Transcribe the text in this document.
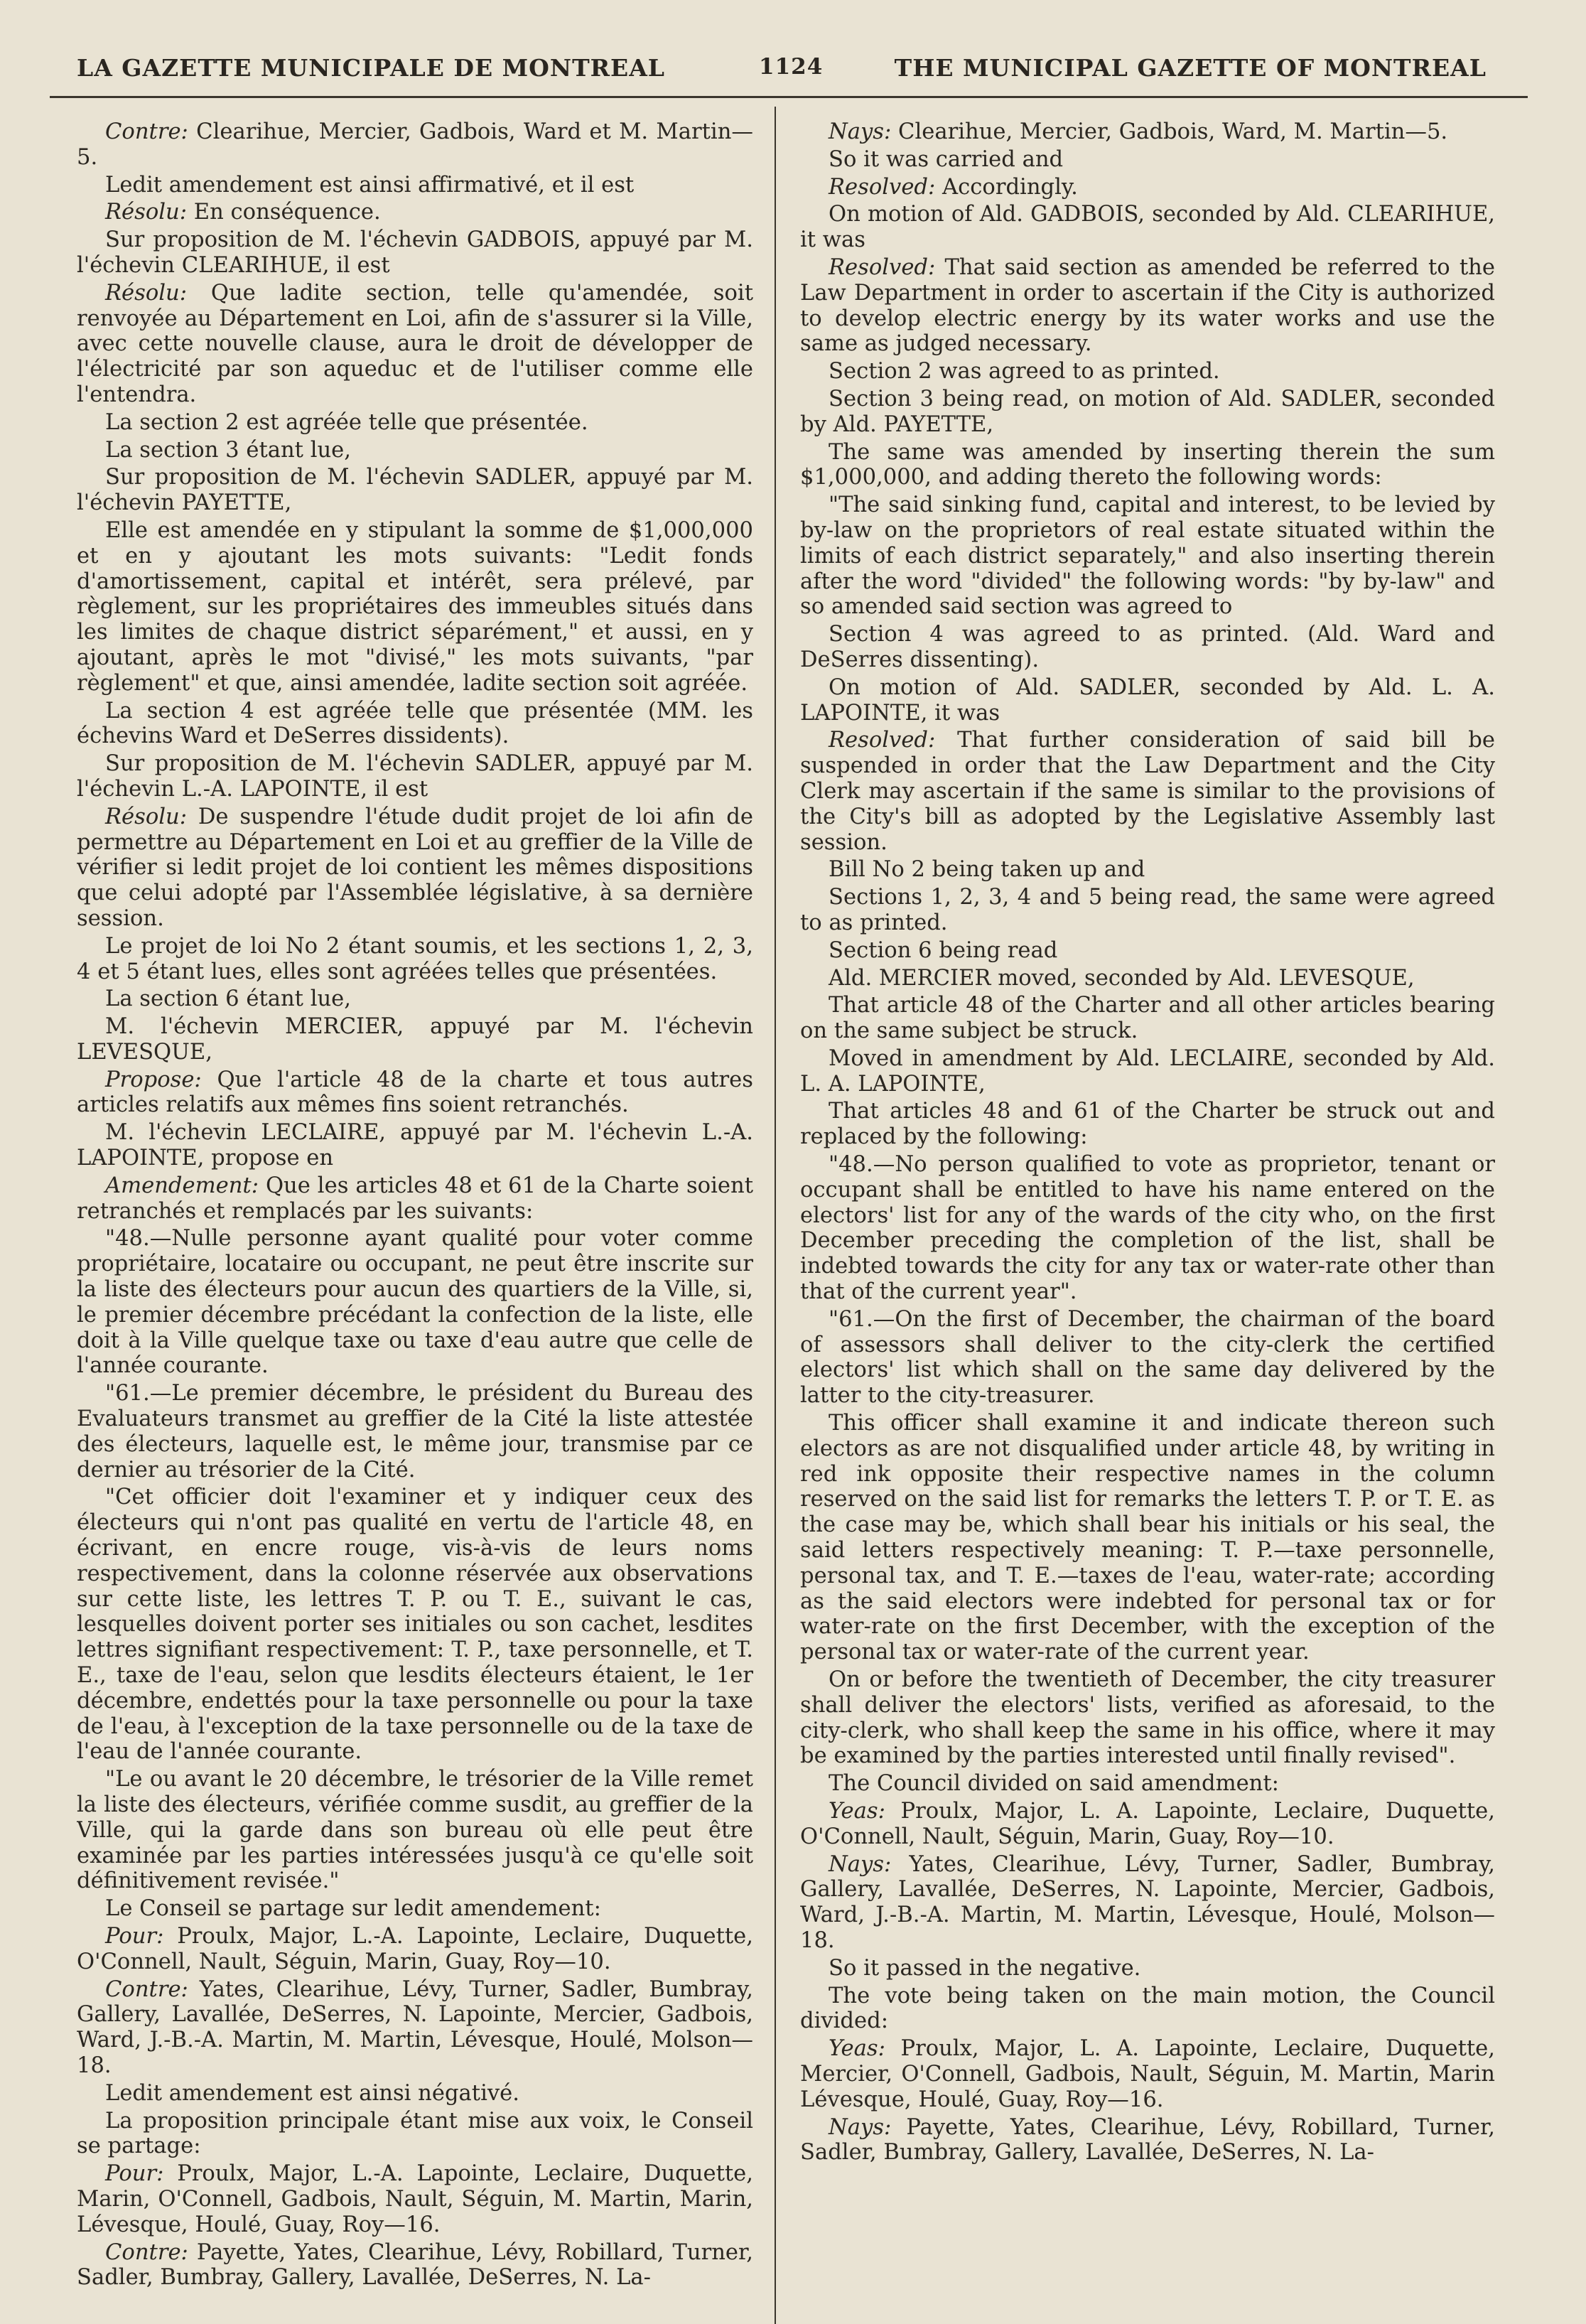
LA GAZETTE MUNICIPALE DE MONTREAL	1124	THE MUNICIPAL GAZETTE OF MONTREAL

Contre: Clearihue, Mercier, Gadbois, Ward et M. Martin—5.

Ledit amendement est ainsi affirmativé, et il est

Résolu: En conséquence.

Sur proposition de M. l'échevin GADBOIS, appuyé par M. l'échevin CLEARIHUE, il est

Résolu: Que ladite section, telle qu'amendée, soit renvoyée au Département en Loi, afin de s'assurer si la Ville, avec cette nouvelle clause, aura le droit de développer de l'électricité par son aqueduc et de l'utiliser comme elle l'entendra.

La section 2 est agréée telle que présentée.

La section 3 étant lue,

Sur proposition de M. l'échevin SADLER, appuyé par M. l'échevin PAYETTE,

Elle est amendée en y stipulant la somme de $1,000,000 et en y ajoutant les mots suivants: "Ledit fonds d'amortissement, capital et intérêt, sera prélevé, par règlement, sur les propriétaires des immeubles situés dans les limites de chaque district séparément," et aussi, en y ajoutant, après le mot "divisé," les mots suivants, "par règlement" et que, ainsi amendée, ladite section soit agréée.

La section 4 est agréée telle que présentée (MM. les échevins Ward et DeSerres dissidents).

Sur proposition de M. l'échevin SADLER, appuyé par M. l'échevin L.-A. LAPOINTE, il est

Résolu: De suspendre l'étude dudit projet de loi afin de permettre au Département en Loi et au greffier de la Ville de vérifier si ledit projet de loi contient les mêmes dispositions que celui adopté par l'Assemblée législative, à sa dernière session.

Le projet de loi No 2 étant soumis, et les sections 1, 2, 3, 4 et 5 étant lues, elles sont agréées telles que présentées.

La section 6 étant lue,

M. l'échevin MERCIER, appuyé par M. l'échevin LEVESQUE,

Propose: Que l'article 48 de la charte et tous autres articles relatifs aux mêmes fins soient retranchés.

M. l'échevin LECLAIRE, appuyé par M. l'échevin L.-A. LAPOINTE, propose en

Amendement: Que les articles 48 et 61 de la Charte soient retranchés et remplacés par les suivants:

"48.—Nulle personne ayant qualité pour voter comme propriétaire, locataire ou occupant, ne peut être inscrite sur la liste des électeurs pour aucun des quartiers de la Ville, si, le premier décembre précédant la confection de la liste, elle doit à la Ville quelque taxe ou taxe d'eau autre que celle de l'année courante.

"61.—Le premier décembre, le président du Bureau des Evaluateurs transmet au greffier de la Cité la liste attestée des électeurs, laquelle est, le même jour, transmise par ce dernier au trésorier de la Cité.

"Cet officier doit l'examiner et y indiquer ceux des électeurs qui n'ont pas qualité en vertu de l'article 48, en écrivant, en encre rouge, vis-à-vis de leurs noms respectivement, dans la colonne réservée aux observations sur cette liste, les lettres T. P. ou T. E., suivant le cas, lesquelles doivent porter ses initiales ou son cachet, lesdites lettres signifiant respectivement: T. P., taxe personnelle, et T. E., taxe de l'eau, selon que lesdits électeurs étaient, le 1er décembre, endettés pour la taxe personnelle ou pour la taxe de l'eau, à l'exception de la taxe personnelle ou de la taxe de l'eau de l'année courante.

"Le ou avant le 20 décembre, le trésorier de la Ville remet la liste des électeurs, vérifiée comme susdit, au greffier de la Ville, qui la garde dans son bureau où elle peut être examinée par les parties intéressées jusqu'à ce qu'elle soit définitivement revisée."

Le Conseil se partage sur ledit amendement:

Pour: Proulx, Major, L.-A. Lapointe, Leclaire, Duquette, O'Connell, Nault, Séguin, Marin, Guay, Roy—10.

Contre: Yates, Clearihue, Lévy, Turner, Sadler, Bumbray, Gallery, Lavallée, DeSerres, N. Lapointe, Mercier, Gadbois, Ward, J.-B.-A. Martin, M. Martin, Lévesque, Houlé, Molson—18.

Ledit amendement est ainsi négativé.

La proposition principale étant mise aux voix, le Conseil se partage:

Pour: Proulx, Major, L.-A. Lapointe, Leclaire, Duquette, Marin, O'Connell, Gadbois, Nault, Séguin, M. Martin, Marin, Lévesque, Houlé, Guay, Roy—16.

Contre: Payette, Yates, Clearihue, Lévy, Robillard, Turner, Sadler, Bumbray, Gallery, Lavallée, DeSerres, N. La-

Nays: Clearihue, Mercier, Gadbois, Ward, M. Martin—5.

So it was carried and

Resolved: Accordingly.

On motion of Ald. GADBOIS, seconded by Ald. CLEARIHUE, it was

Resolved: That said section as amended be referred to the Law Department in order to ascertain if the City is authorized to develop electric energy by its water works and use the same as judged necessary.

Section 2 was agreed to as printed.

Section 3 being read, on motion of Ald. SADLER, seconded by Ald. PAYETTE,

The same was amended by inserting therein the sum $1,000,000, and adding thereto the following words:

"The said sinking fund, capital and interest, to be levied by by-law on the proprietors of real estate situated within the limits of each district separately," and also inserting therein after the word "divided" the following words: "by by-law" and so amended said section was agreed to

Section 4 was agreed to as printed. (Ald. Ward and DeSerres dissenting).

On motion of Ald. SADLER, seconded by Ald. L. A. LAPOINTE, it was

Resolved: That further consideration of said bill be suspended in order that the Law Department and the City Clerk may ascertain if the same is similar to the provisions of the City's bill as adopted by the Legislative Assembly last session.

Bill No 2 being taken up and

Sections 1, 2, 3, 4 and 5 being read, the same were agreed to as printed.

Section 6 being read

Ald. MERCIER moved, seconded by Ald. LEVESQUE,

That article 48 of the Charter and all other articles bearing on the same subject be struck.

Moved in amendment by Ald. LECLAIRE, seconded by Ald. L. A. LAPOINTE,

That articles 48 and 61 of the Charter be struck out and replaced by the following:

"48.—No person qualified to vote as proprietor, tenant or occupant shall be entitled to have his name entered on the electors' list for any of the wards of the city who, on the first December preceding the completion of the list, shall be indebted towards the city for any tax or water-rate other than that of the current year".

"61.—On the first of December, the chairman of the board of assessors shall deliver to the city-clerk the certified electors' list which shall on the same day delivered by the latter to the city-treasurer.

This officer shall examine it and indicate thereon such electors as are not disqualified under article 48, by writing in red ink opposite their respective names in the column reserved on the said list for remarks the letters T. P. or T. E. as the case may be, which shall bear his initials or his seal, the said letters respectively meaning: T. P.—taxe personnelle, personal tax, and T. E.—taxes de l'eau, water-rate; according as the said electors were indebted for personal tax or for water-rate on the first December, with the exception of the personal tax or water-rate of the current year.

On or before the twentieth of December, the city treasurer shall deliver the electors' lists, verified as aforesaid, to the city-clerk, who shall keep the same in his office, where it may be examined by the parties interested until finally revised".

The Council divided on said amendment:

Yeas: Proulx, Major, L. A. Lapointe, Leclaire, Duquette, O'Connell, Nault, Séguin, Marin, Guay, Roy—10.

Nays: Yates, Clearihue, Lévy, Turner, Sadler, Bumbray, Gallery, Lavallée, DeSerres, N. Lapointe, Mercier, Gadbois, Ward, J.-B.-A. Martin, M. Martin, Lévesque, Houlé, Molson—18.

So it passed in the negative.

The vote being taken on the main motion, the Council divided:

Yeas: Proulx, Major, L. A. Lapointe, Leclaire, Duquette, Mercier, O'Connell, Gadbois, Nault, Séguin, M. Martin, Marin Lévesque, Houlé, Guay, Roy—16.

Nays: Payette, Yates, Clearihue, Lévy, Robillard, Turner, Sadler, Bumbray, Gallery, Lavallée, DeSerres, N. La-
